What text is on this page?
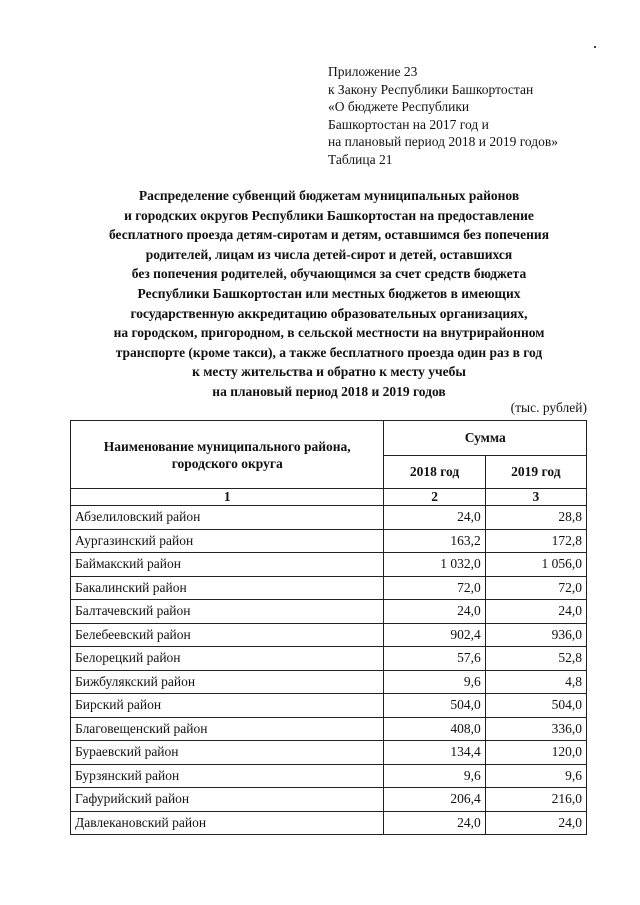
Приложение 23
к Закону Республики Башкортостан
«О бюджете Республики
Башкортостан на 2017 год и
на плановый период 2018 и 2019 годов»
Таблица 21
Распределение субвенций бюджетам муниципальных районов
и городских округов Республики Башкортостан на предоставление
бесплатного проезда детям-сиротам и детям, оставшимся без попечения
родителей, лицам из числа детей-сирот и детей, оставшихся
без попечения родителей, обучающимся за счет средств бюджета
Республики Башкортостан или местных бюджетов в имеющих
государственную аккредитацию образовательных организациях,
на городском, пригородном, в сельской местности на внутрирайонном
транспорте (кроме такси), а также бесплатного проезда один раз в год
к месту жительства и обратно к месту учебы
на плановый период 2018 и 2019 годов
(тыс. рублей)
Наименование муниципального района, городского округа	Сумма	
	2018 год	2019 год
1	2	3
Абзелиловский район	24,0	28,8
Аургазинский район	163,2	172,8
Баймакский район	1 032,0	1 056,0
Бакалинский район	72,0	72,0
Балтачевский район	24,0	24,0
Белебеевский район	902,4	936,0
Белорецкий район	57,6	52,8
Бижбулякский район	9,6	4,8
Бирский район	504,0	504,0
Благовещенский район	408,0	336,0
Бураевский район	134,4	120,0
Бурзянский район	9,6	9,6
Гафурийский район	206,4	216,0
Давлекановский район	24,0	24,0
